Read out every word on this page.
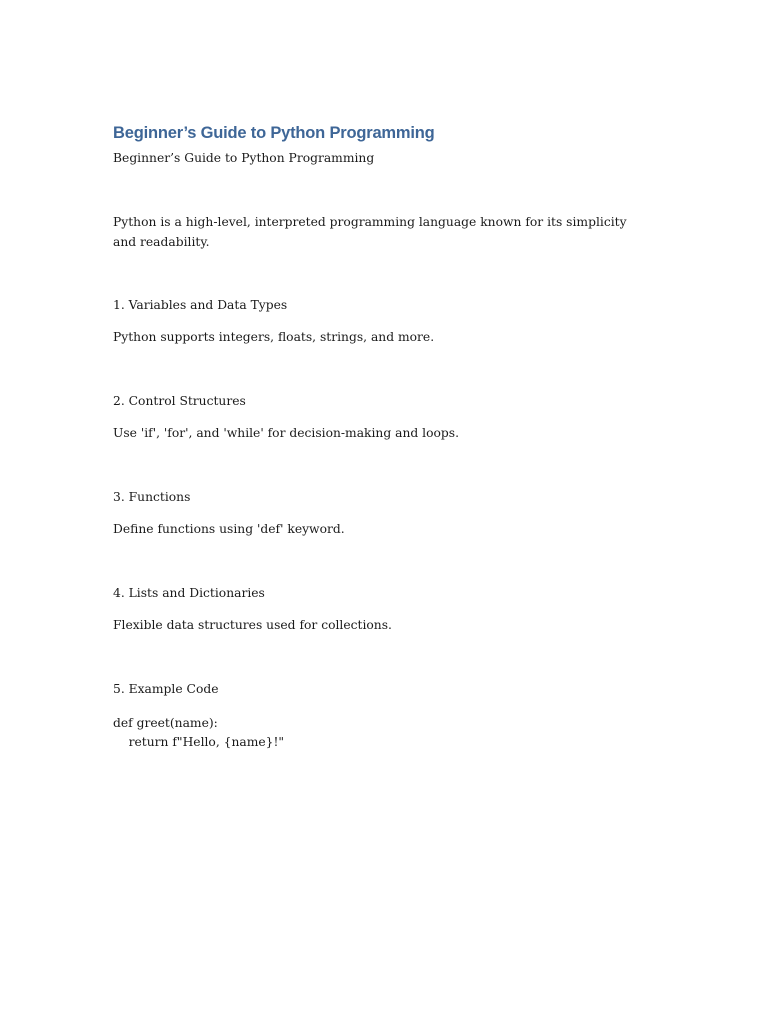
Beginner’s Guide to Python Programming

Beginner’s Guide to Python Programming

Python is a high-level, interpreted programming language known for its simplicity and readability.

1. Variables and Data Types

Python supports integers, floats, strings, and more.

2. Control Structures

Use 'if', 'for', and 'while' for decision-making and loops.

3. Functions

Define functions using 'def' keyword.

4. Lists and Dictionaries

Flexible data structures used for collections.

5. Example Code

def greet(name):
return f"Hello, {name}!"
